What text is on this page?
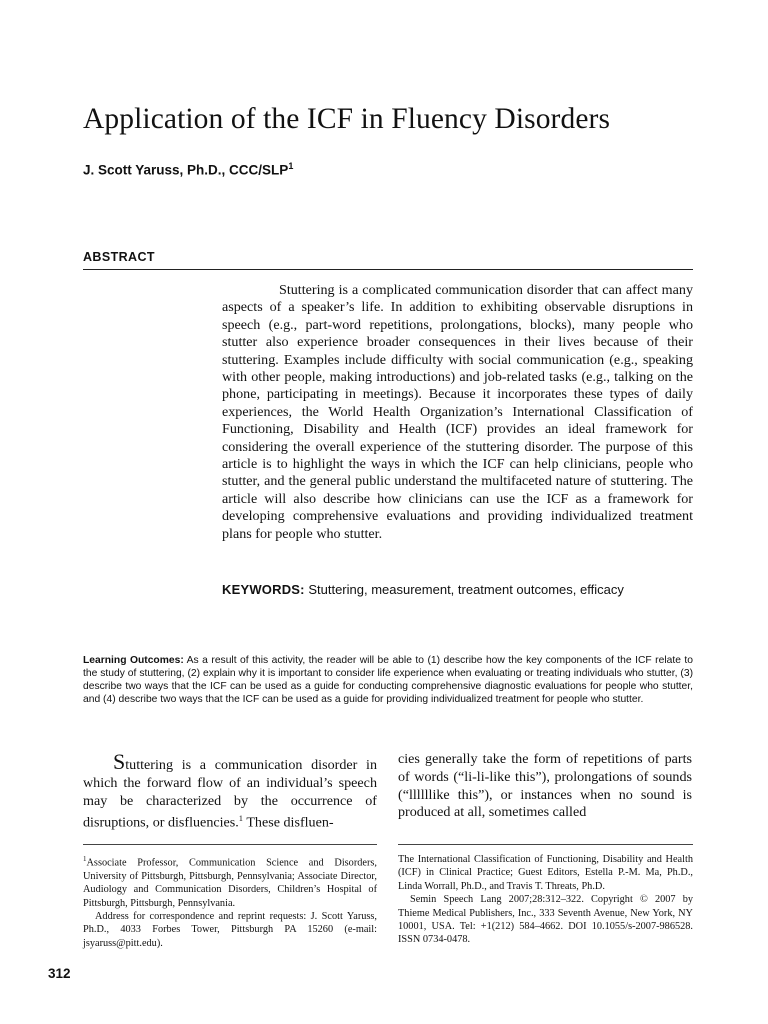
Application of the ICF in Fluency Disorders
J. Scott Yaruss, Ph.D., CCC/SLP$^1$
ABSTRACT

Stuttering is a complicated communication disorder that can affect many aspects of a speaker’s life. In addition to exhibiting observable disruptions in speech (e.g., part-word repetitions, prolongations, blocks), many people who stutter also experience broader consequences in their lives because of their stuttering. Examples include difficulty with social communication (e.g., speaking with other people, making introductions) and job-related tasks (e.g., talking on the phone, participating in meetings). Because it incorporates these types of daily experiences, the World Health Organization’s International Classification of Functioning, Disability and Health (ICF) provides an ideal framework for considering the overall experience of the stuttering disorder. The purpose of this article is to highlight the ways in which the ICF can help clinicians, people who stutter, and the general public understand the multifaceted nature of stuttering. The article will also describe how clinicians can use the ICF as a framework for developing comprehensive evaluations and providing individualized treatment plans for people who stutter.

KEYWORDS: Stuttering, measurement, treatment outcomes, efficacy

Learning Outcomes: As a result of this activity, the reader will be able to (1) describe how the key components of the ICF relate to the study of stuttering, (2) explain why it is important to consider life experience when evaluating or treating individuals who stutter, (3) describe two ways that the ICF can be used as a guide for conducting comprehensive diagnostic evaluations for people who stutter, and (4) describe two ways that the ICF can be used as a guide for providing individualized treatment for people who stutter.

Stuttering is a communication disorder in which the forward flow of an individual’s speech may be characterized by the occurrence of disruptions, or disfluencies.$^1$ These disfluen-

cies generally take the form of repetitions of parts of words (“li-li-like this”), prolongations of sounds (“llllllike this”), or instances when no sound is produced at all, sometimes called

$^1$Associate Professor, Communication Science and Disorders, University of Pittsburgh, Pittsburgh, Pennsylvania; Associate Director, Audiology and Communication Disorders, Children’s Hospital of Pittsburgh, Pittsburgh, Pennsylvania.

Address for correspondence and reprint requests: J. Scott Yaruss, Ph.D., 4033 Forbes Tower, Pittsburgh PA 15260 (e-mail: jsyaruss@pitt.edu).

The International Classification of Functioning, Disability and Health (ICF) in Clinical Practice; Guest Editors, Estella P.-M. Ma, Ph.D., Linda Worrall, Ph.D., and Travis T. Threats, Ph.D.

Semin Speech Lang 2007;28:312–322. Copyright © 2007 by Thieme Medical Publishers, Inc., 333 Seventh Avenue, New York, NY 10001, USA. Tel: +1(212) 584–4662. DOI 10.1055/s-2007-986528. ISSN 0734-0478.

312
